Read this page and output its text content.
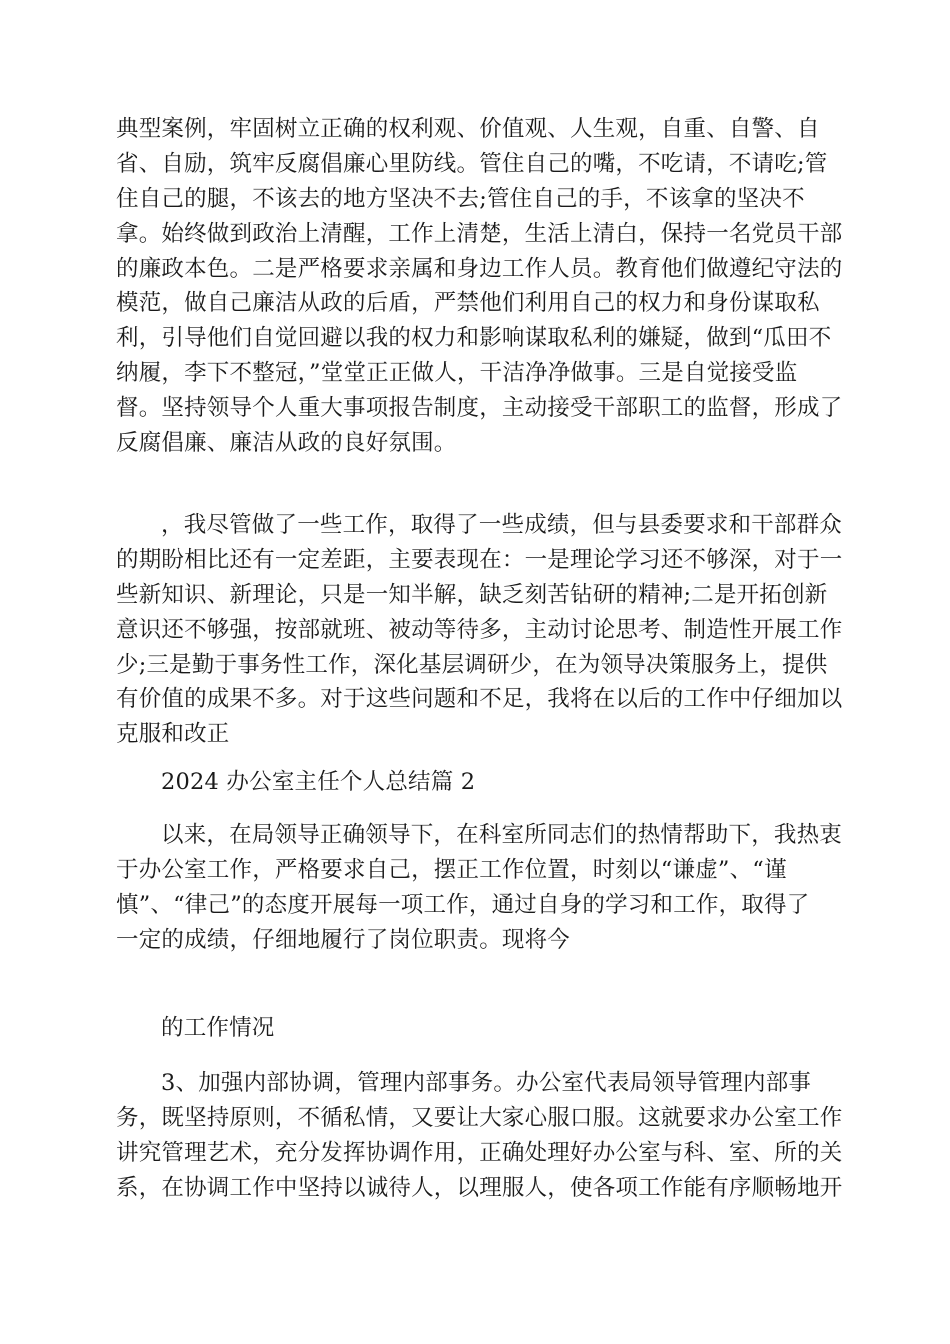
典型案例，牢固树立正确的权利观、价值观、人生观，自重、自警、自
省、自励，筑牢反腐倡廉心里防线。管住自己的嘴，不吃请，不请吃;管
住自己的腿，不该去的地方坚决不去;管住自己的手，不该拿的坚决不
拿。始终做到政治上清醒，工作上清楚，生活上清白，保持一名党员干部
的廉政本色。二是严格要求亲属和身边工作人员。教育他们做遵纪守法的
模范，做自己廉洁从政的后盾，严禁他们利用自己的权力和身份谋取私
利，引导他们自觉回避以我的权力和影响谋取私利的嫌疑，做到“瓜田不
纳履，李下不整冠，”堂堂正正做人，干洁净净做事。三是自觉接受监
督。坚持领导个人重大事项报告制度，主动接受干部职工的监督，形成了
反腐倡廉、廉洁从政的良好氛围。
，我尽管做了一些工作，取得了一些成绩，但与县委要求和干部群众
的期盼相比还有一定差距，主要表现在：一是理论学习还不够深，对于一
些新知识、新理论，只是一知半解，缺乏刻苦钻研的精神;二是开拓创新
意识还不够强，按部就班、被动等待多，主动讨论思考、制造性开展工作
少;三是勤于事务性工作，深化基层调研少，在为领导决策服务上，提供
有价值的成果不多。对于这些问题和不足，我将在以后的工作中仔细加以
克服和改正
2024 办公室主任个人总结篇 2
以来，在局领导正确领导下，在科室所同志们的热情帮助下，我热衷
于办公室工作，严格要求自己，摆正工作位置，时刻以“谦虚”、“谨
慎”、“律己”的态度开展每一项工作，通过自身的学习和工作，取得了
一定的成绩，仔细地履行了岗位职责。现将今
的工作情况
3、加强内部协调，管理内部事务。办公室代表局领导管理内部事
务，既坚持原则，不循私情，又要让大家心服口服。这就要求办公室工作
讲究管理艺术，充分发挥协调作用，正确处理好办公室与科、室、所的关
系，在协调工作中坚持以诚待人，以理服人，使各项工作能有序顺畅地开
